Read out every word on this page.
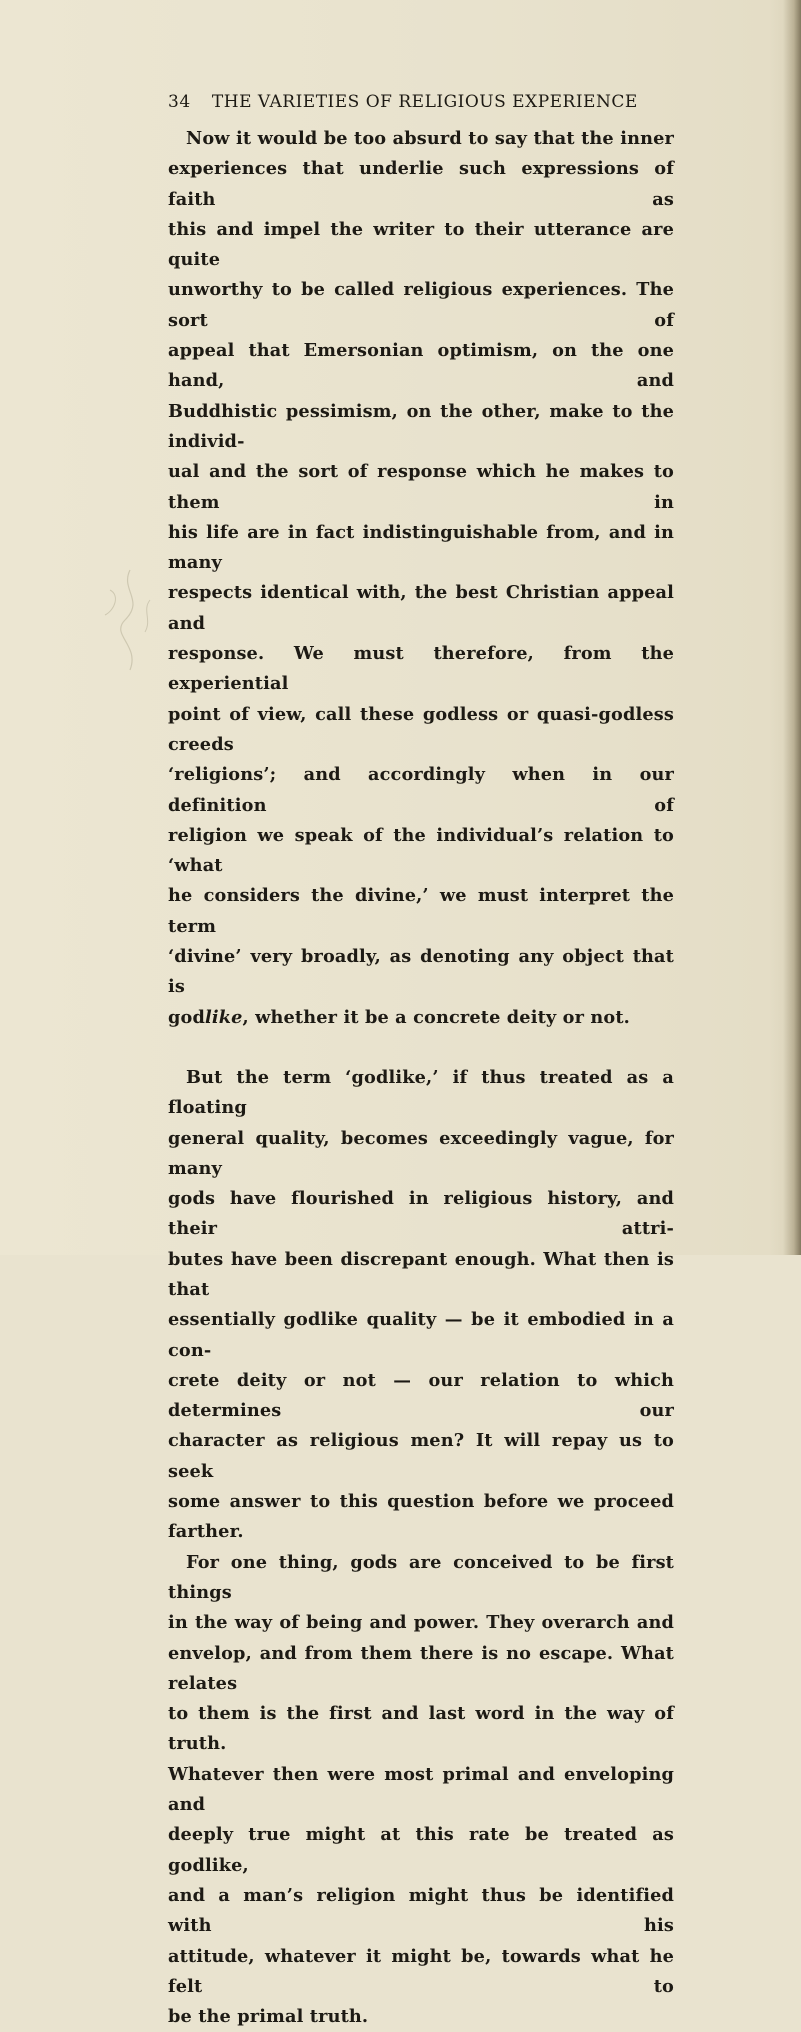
34 THE VARIETIES OF RELIGIOUS EXPERIENCE

Now it would be too absurd to say that the inner

experiences that underlie such expressions of faith as

this and impel the writer to their utterance are quite

unworthy to be called religious experiences. The sort of

appeal that Emersonian optimism, on the one hand, and

Buddhistic pessimism, on the other, make to the individ-

ual and the sort of response which he makes to them in

his life are in fact indistinguishable from, and in many

respects identical with, the best Christian appeal and

response. We must therefore, from the experiential

point of view, call these godless or quasi-godless creeds

‘religions’; and accordingly when in our definition of

religion we speak of the individual’s relation to ‘what

he considers the divine,’ we must interpret the term

‘divine’ very broadly, as denoting any object that is

godlike, whether it be a concrete deity or not.

But the term ‘godlike,’ if thus treated as a floating

general quality, becomes exceedingly vague, for many

gods have flourished in religious history, and their attri-

butes have been discrepant enough. What then is that

essentially godlike quality — be it embodied in a con-

crete deity or not — our relation to which determines our

character as religious men? It will repay us to seek

some answer to this question before we proceed farther.

For one thing, gods are conceived to be first things

in the way of being and power. They overarch and

envelop, and from them there is no escape. What relates

to them is the first and last word in the way of truth.

Whatever then were most primal and enveloping and

deeply true might at this rate be treated as godlike,

and a man’s religion might thus be identified with his

attitude, whatever it might be, towards what he felt to

be the primal truth.
